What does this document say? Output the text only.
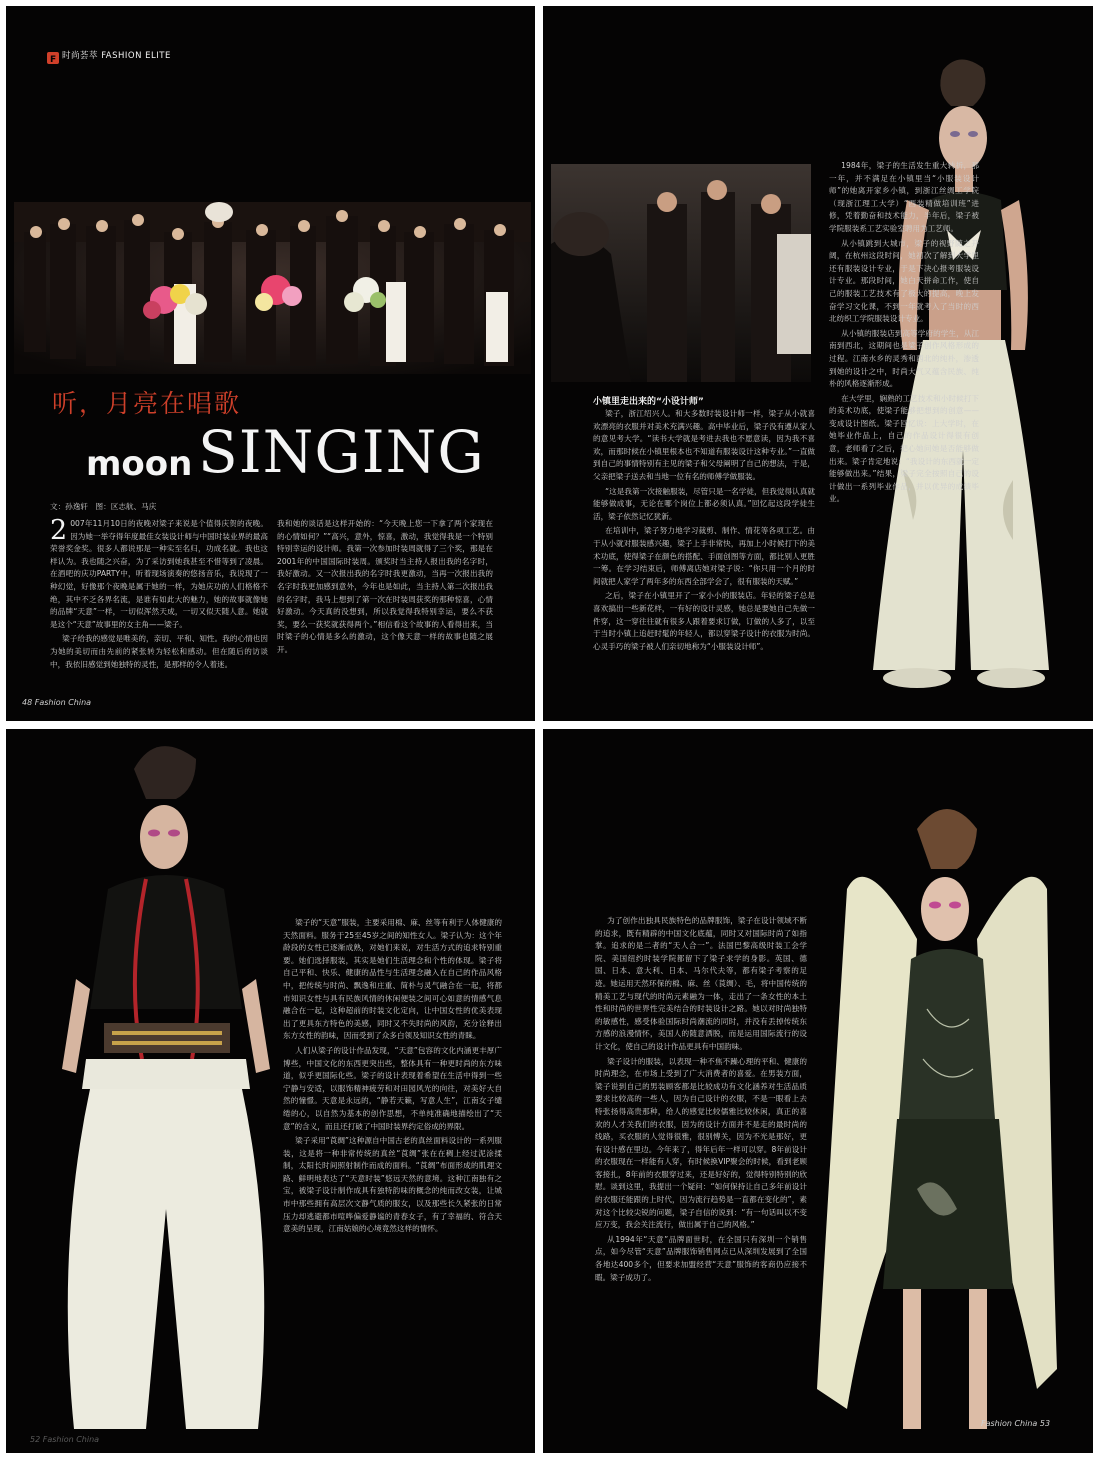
F 时尚荟萃 FASHION ELITE
听，月亮在唱歌
moon SINGING
文：孙逸轩　图：区志航、马庆
2 007年11月10日的夜晚对梁子来说是个值得庆贺的夜晚。因为她一举夺得年度最佳女装设计师与中国时装业界的最高荣誉奖金奖。很多人都说那是一种实至名归，功成名就。我也这样认为。我也随之兴奋，为了采访到她我甚至不惜等到了凌晨。在酒吧的庆功PARTY中，听着现场演奏的悠扬音乐，我说现了一种幻觉，好像那个夜晚是属于她的一样，为她庆功的人们格格不绝，其中不乏各界名流，是谁有如此大的魅力，她的故事就像她的品牌“天意”一样，一切似浑然天成，一切又似天随人意。她就是这个“天意”故事里的女主角——梁子。

梁子给我的感觉是唯美的，亲切、平和、知性。我的心情也因为她的美切而由先前的紧张转为轻松和感动。但在随后的访谈中，我依旧感觉到她独特的灵性，是那样的令人着迷。

我和她的谈话是这样开始的：“今天晚上您一下拿了两个家现在的心情如何？”“高兴，意外，惊喜，激动，我觉得我是一个特别特别幸运的设计师。我第一次参加时装周就得了三个奖，那是在2001年的中国国际时装周。颁奖时当主持人报出我的名字时，我好激动。又一次报出我的名字时我更激动，当再一次报出我的名字时我更加感到意外，今年也是如此，当主持人第二次报出我的名字时，我马上想到了第一次在时装周获奖的那种惊喜，心情好激动。今天真的没想到，所以我觉得我特别幸运，要么不获奖，要么一获奖就获得两个。”相信看这个故事的人看得出来，当时梁子的心情是多么的激动，这个像天意一样的故事也随之展开。

48 Fashion China
小镇里走出来的“小设计师”

梁子，浙江绍兴人。和大多数时装设计师一样，梁子从小就喜欢漂亮的衣服并对美术充满兴趣。高中毕业后，梁子没有遵从家人的意见考大学。“读书大学就是考进去我也不愿意读，因为我不喜欢，而那时候在小镇里根本也不知道有服装设计这种专业。”一直做到自己的事情特别有主见的梁子和父母阐明了自己的想法，于是，父亲把梁子送去和当地一位有名的师傅学做服装。

“这是我第一次接触服装，尽管只是一名学徒，但我觉得认真就能够做成事，无论在哪个岗位上都必须认真。”回忆起这段学徒生活，梁子依然记忆犹新。

在培训中，梁子努力地学习裁剪、制作、情花等各项工艺。由于从小就对服装感兴趣，梁子上手非常快，再加上小时候打下的美术功底，使得梁子在颜色的搭配、手面创图等方面，都比别人更胜一筹。在学习结束后，师傅离店她对梁子说：“你只用一个月的时间就把人家学了两年多的东西全部学会了，很有服装的天赋。”

之后，梁子在小镇里开了一家小小的服装店。年轻的梁子总是喜欢搞出一些新花样，一有好的设计灵感，她总是要她自己先做一件穿，这一穿往往就有很多人跟着要求订做，订做的人多了，以至于当时小镇上追赶时髦的年轻人，都以穿梁子设计的衣服为时尚。心灵手巧的梁子被人们亲切地称为“小服装设计师”。

1984年，梁子的生活发生重大转折，那一年，并不满足在小镇里当“小服装设计师”的她离开家乡小镇，到浙江丝绸工学院（现浙江理工大学）“西装精做培训班”进修，凭着勤奋和技术能力，半年后，梁子被学院服装系工艺实验室聘用为工艺师。

从小镇跳到大城市，梁子的视野随之开阔，在杭州这段时间，她初次了解到大学里还有服装设计专业，于是下决心报考服装设计专业。那段时间，她白天拼命工作，使自己的服装工艺技术有了极大的提高，晚上发奋学习文化课，不到一年就考入了当时的西北纺织工学院服装设计专业。

从小镇的服装店到高等学府的学生，从江南到西北，这期间也是梁子创作风格形成的过程。江南水乡的灵秀和西北的纯朴，渗透到她的设计之中，时尚大气又蕴含民族、纯朴的风格逐渐形成。

在大学里，娴熟的工艺技术和小时候打下的美术功底，使梁子能够把想到的创意——变成设计图纸。梁子回忆说：上大学时，在她毕业作品上，自己的作品设计得很有创意，老师看了之后，把心她问她是否能够做出来。梁子肯定地说：“我设计的东西就一定能够做出来。”结果，梁子完全按照自己的设计做出一系列毕业作品，并以优异的成绩毕业。

梁子的“天意”服装，主要采用棉、麻、丝等有利于人体健康的天然面料。服务于25至45岁之间的知性女人。梁子认为：这个年龄段的女性已逐渐成熟，对她们来说，对生活方式的追求特别重要。她们选择服装，其实是她们生活理念和个性的体现。梁子将自己平和、快乐、健康的品性与生活理念融入在自己的作品风格中，把传统与时尚、飘逸和庄重、简朴与灵气融合在一起，将都市知识女性与具有民族风情的休闲便装之间可心如意的情感气息融合在一起，这种超前的时装文化定向，让中国女性的优美表现出了更具东方特色的美感，同时又不失时尚的风韵，充分诠释出东方女性的韵味，因而受到了众多白领及知识女性的青睐。

人们从梁子的设计作品发现，“天意”包容的文化内涵更丰厚广博些，中国文化的东西更突出些，整体具有一种更时尚的东方味道，似乎更国际化些。梁子的设计表现着希望在生活中得到一些宁静与安适，以服饰精神疲劳和对田园风光的向往，对美好大自然的憧憬。天意是永远的，“静若天籁，写意人生”，江南女子缱绻的心，以自然为基本的创作思想，不单纯准确地描绘出了“天意”的含义，而且还打破了中国时装界约定俗成的界限。

梁子采用“莨绸”这种源自中国古老的真丝面料设计的一系列服装，这是将一种非常传统的真丝“莨绸”张在在稠上经过泥涂揉制，太阳长时间照射制作而成的面料。“莨绸”布面形成的肌理文路、鲜明地表达了“天意时装”悠远天然的意境。这种江南独有之宝，被梁子设计制作成具有独特韵味的概念的纯而改女装，让城市中那些拥有高层次文静气质的服女，以及那些长久紧张的日常压力却逃避都市喧哗偏爱静谧的青春女子，有了幸福的、符合天意美的呈现，江南姑娘的心境竟然这样的情怀。

52 Fashion China

为了创作出独具民族特色的品牌服饰，梁子在设计领域不断的追求，既有精辟的中国文化底蕴，同时又对国际时尚了如指掌。追求的是二者的“天人合一”。法国巴黎高级时装工会学院、美国纽约时装学院都留下了梁子求学的身影。英国、德国、日本、意大利、日本、马尔代夫等，都有梁子考察的足迹。她运用天然环保的棉、麻、丝（莨绸）、毛，将中国传统的精美工艺与现代的时尚元素融为一体，走出了一条女性的本土性和时尚的世界性完美结合的时装设计之路。她以对时尚独特的敏感性，感受体验国际时尚潮流的同时，并没有丢掉传统东方感的浪漫情怀，美国人的随意洒脱，而是运用国际流行的设计文化，使自己的设计作品更具有中国韵味。

梁子设计的服装，以表现一种不焦不躁心理的平和、健康的时尚理念，在市场上受到了广大消费者的喜爱。在男装方面，梁子说到自己的男装顾客都是比较成功有文化涵养对生活品质要求比较高的一些人，因为自己设计的衣服，不是一眼看上去特张扬得高贵那种，给人的感觉比较儒雅比较休闲，真正的喜欢的人才关我们的衣服，因为的设计方面并不是走的最时尚的线路，买衣服的人觉得很雅，很别愽关，因为不光是那好，更有设计感在里边。今年来了，得年后年一样可以穿。8年前设计的衣服现在一样能有人穿，有时候换VIP聚会的时候，看到老顾客接扎，8年前的衣服穿过来，还是好好的，觉得特别特别的欣慰。谈到这里，我提出一个疑问：“如何保持让自己多年前设计的衣服还能跟的上时代，因为流行趋势是一直都在变化的”，素对这个比较尖锐的问题，梁子自信的说到：“有一句话叫以不变应万变，我会关注流行，做出属于自己的风格。”

从1994年“天意”品牌面世时，在全国只有深圳一个销售点，如今尽管“天意”品牌服饰销售网点已从深圳发展到了全国各地达400多个，但要求加盟经营“天意”服饰的客商仍应接不暇。梁子成功了。

Fashion China 53
